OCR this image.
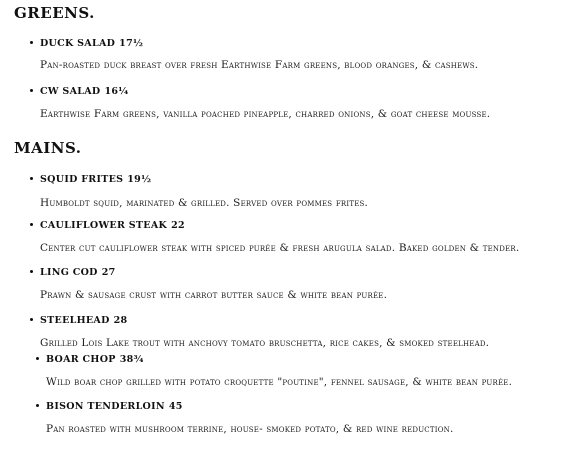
GREENS.
DUCK SALAD 17½
Pan-roasted duck breast over fresh Earthwise Farm greens, blood oranges, & cashews.
CW SALAD 16¼
Earthwise Farm greens, vanilla poached pineapple, charred onions, & goat cheese mousse.
MAINS.
SQUID FRITES 19½
Humboldt squid, marinated & grilled. Served over pommes frites.
CAULIFLOWER STEAK 22
Center cut cauliflower steak with spiced purée & fresh arugula salad. Baked golden & tender.
LING COD 27
Prawn & sausage crust with carrot butter sauce & white bean purée.
STEELHEAD 28
Grilled Lois Lake trout with anchovy tomato bruschetta, rice cakes, & smoked steelhead.
BOAR CHOP 38¾
Wild boar chop grilled with potato croquette "poutine", fennel sausage, & white bean purée.
BISON TENDERLOIN 45
Pan roasted with mushroom terrine, house- smoked potato, & red wine reduction.
